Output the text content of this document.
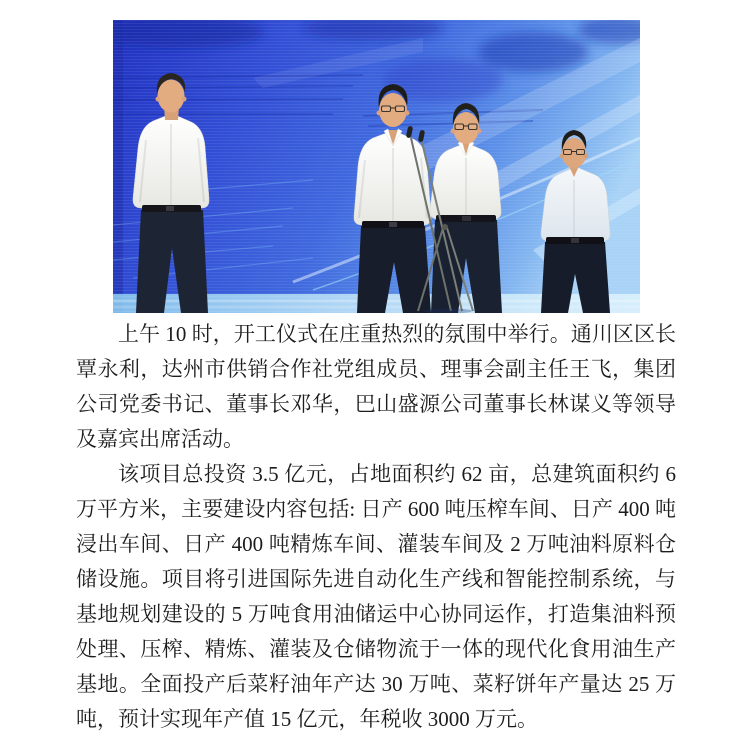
上午 10 时，开工仪式在庄重热烈的氛围中举行。通川区区长覃永利，达州市供销合作社党组成员、理事会副主任王飞，集团公司党委书记、董事长邓华，巴山盛源公司董事长林谋义等领导及嘉宾出席活动。

该项目总投资 3.5 亿元，占地面积约 62 亩，总建筑面积约 6 万平方米，主要建设内容包括: 日产 600 吨压榨车间、日产 400 吨浸出车间、日产 400 吨精炼车间、灌装车间及 2 万吨油料原料仓储设施。项目将引进国际先进自动化生产线和智能控制系统，与基地规划建设的 5 万吨食用油储运中心协同运作，打造集油料预处理、压榨、精炼、灌装及仓储物流于一体的现代化食用油生产基地。全面投产后菜籽油年产达 30 万吨、菜籽饼年产量达 25 万吨，预计实现年产值 15 亿元，年税收 3000 万元。
